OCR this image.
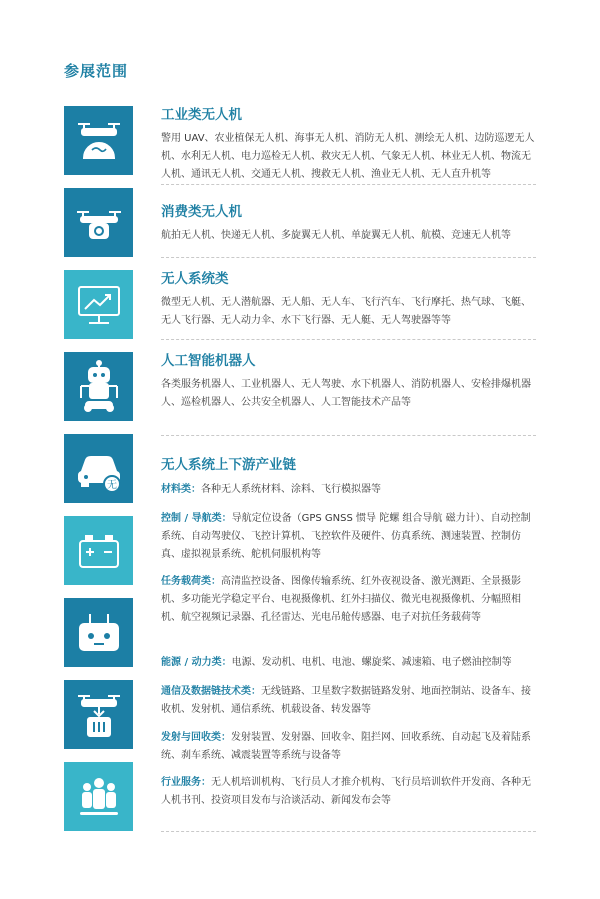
参展范围
无
工业类无人机
警用 UAV、农业植保无人机、海事无人机、消防无人机、测绘无人机、边防巡逻无人机、水利无人机、电力巡检无人机、救灾无人机、气象无人机、林业无人机、物流无人机、通讯无人机、交通无人机、搜救无人机、渔业无人机、无人直升机等
消费类无人机
航拍无人机、快递无人机、多旋翼无人机、单旋翼无人机、航模、竞速无人机等
无人系统类
微型无人机、无人潜航器、无人船、无人车、飞行汽车、飞行摩托、热气球、飞艇、无人飞行器、无人动力伞、水下飞行器、无人艇、无人驾驶器等等
人工智能机器人
各类服务机器人、工业机器人、无人驾驶、水下机器人、消防机器人、安检排爆机器人、巡检机器人、公共安全机器人、人工智能技术产品等
无人系统上下游产业链
材料类：各种无人系统材料、涂料、飞行模拟器等
控制 / 导航类：导航定位设备（GPS GNSS 惯导 陀螺 组合导航 磁力计）、自动控制系统、自动驾驶仪、飞控计算机、飞控软件及硬件、仿真系统、测速装置、控制仿真、虚拟视景系统、舵机伺服机构等
任务载荷类：高清监控设备、图像传输系统、红外夜视设备、激光测距、全景摄影机、多功能光学稳定平台、电视摄像机、红外扫描仪、微光电视摄像机、分幅照相机、航空视频记录器、孔径雷达、光电吊舱传感器、电子对抗任务载荷等
能源 / 动力类：电源、发动机、电机、电池、螺旋桨、减速箱、电子燃油控制等
通信及数据链技术类：无线链路、卫星数字数据链路发射、地面控制站、设备车、接收机、发射机、通信系统、机载设备、转发器等
发射与回收类：发射装置、发射器、回收伞、阻拦网、回收系统、自动起飞及着陆系统、刹车系统、减震装置等系统与设备等
行业服务：无人机培训机构、飞行员人才推介机构、飞行员培训软件开发商、各种无人机书刊、投资项目发布与洽谈活动、新闻发布会等
